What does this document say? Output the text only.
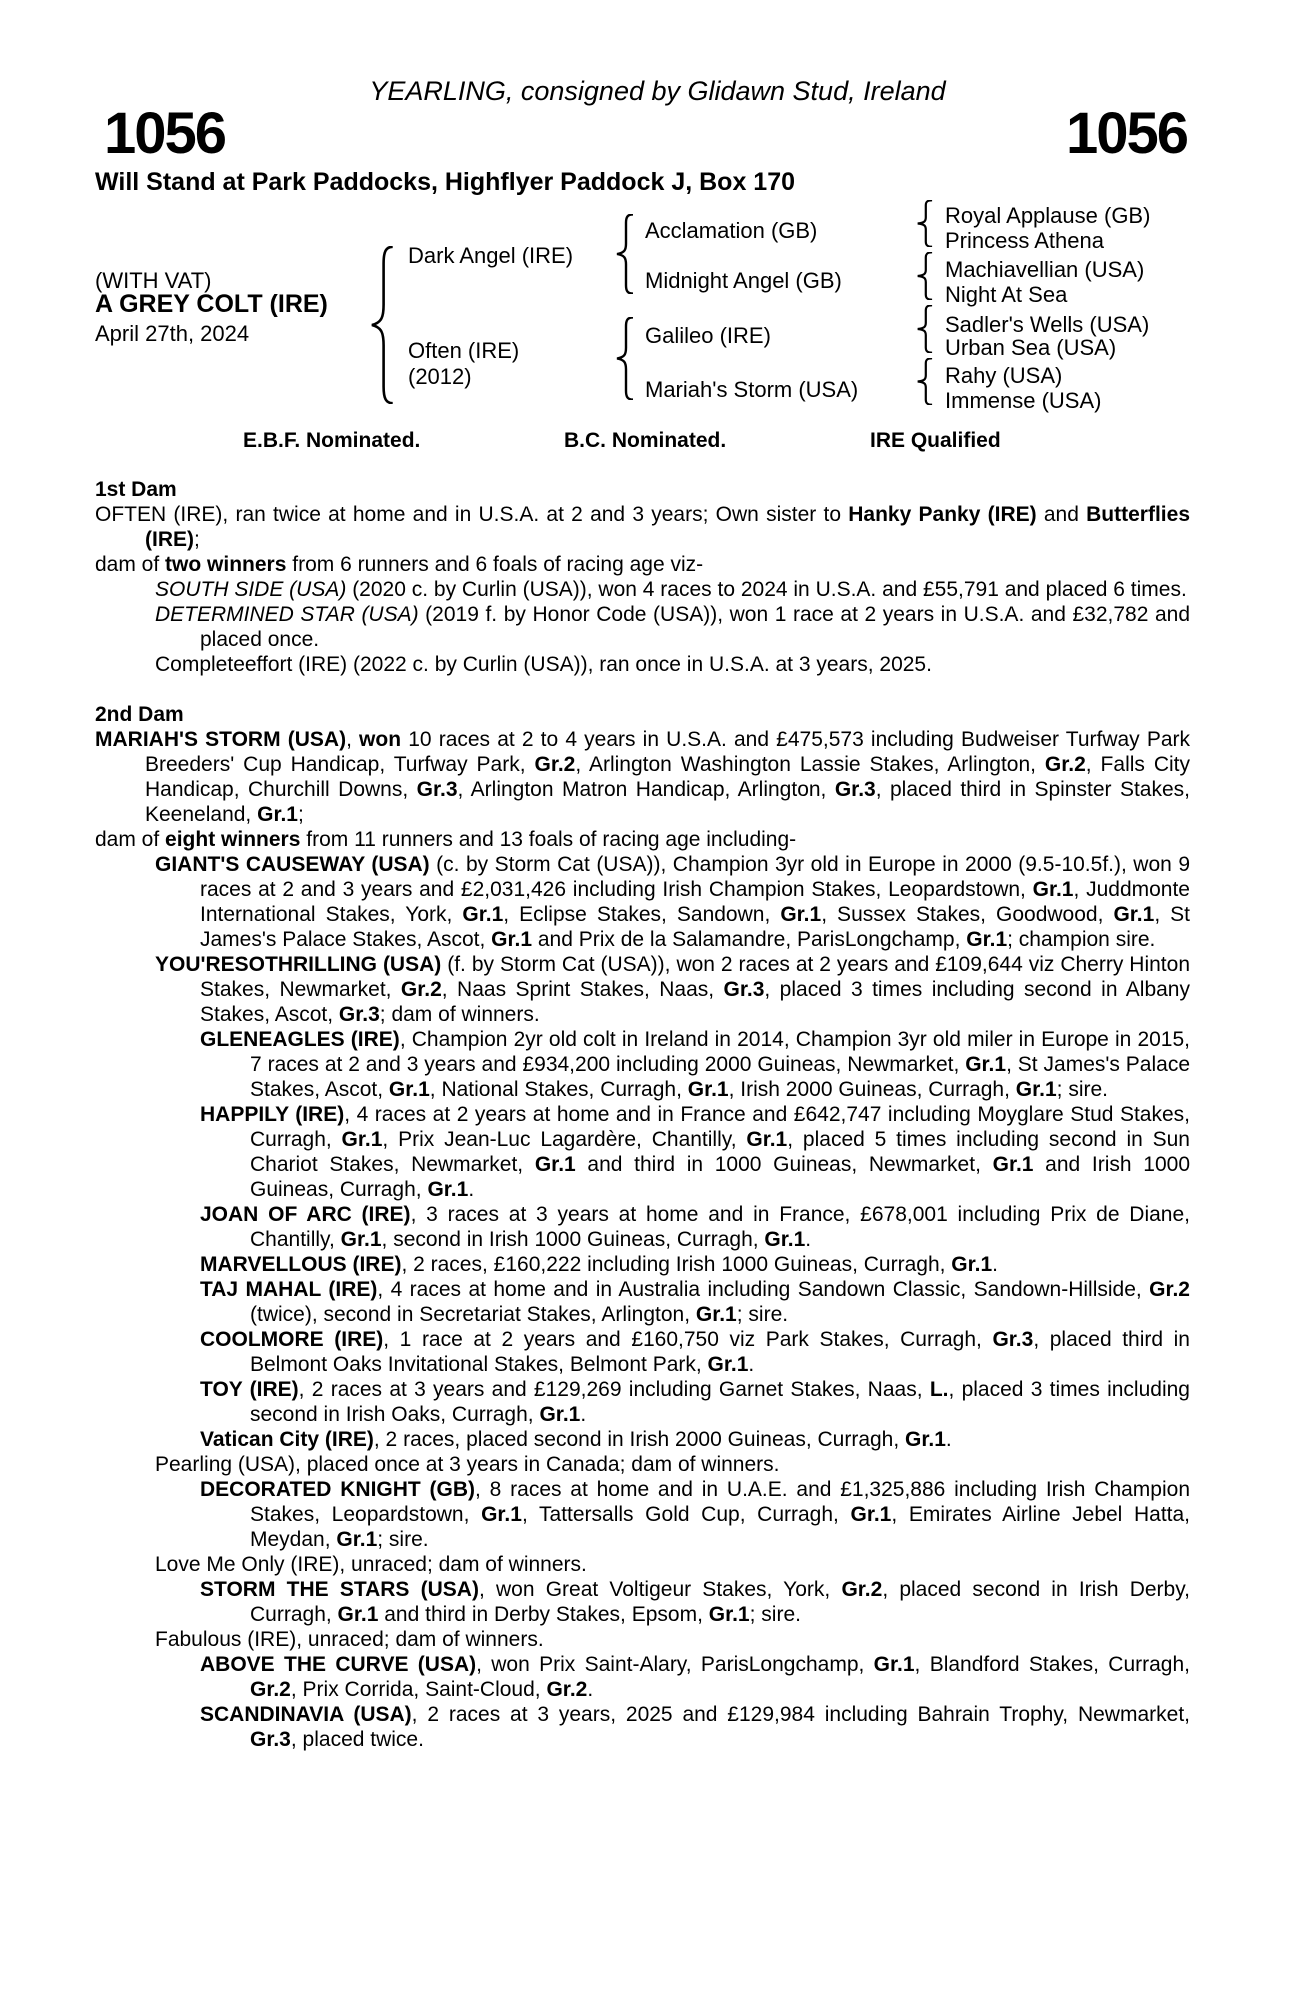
YEARLING, consigned by Glidawn Stud, Ireland
1056	1056
Will Stand at Park Paddocks, Highflyer Paddock J, Box 170
(WITH VAT)
A GREY COLT (IRE)
April 27th, 2024
Dark Angel (IRE)
Often (IRE)
(2012)
Acclamation (GB)
Midnight Angel (GB)
Galileo (IRE)
Mariah's Storm (USA)
Royal Applause (GB)
Princess Athena
Machiavellian (USA)
Night At Sea
Sadler's Wells (USA)
Urban Sea (USA)
Rahy (USA)
Immense (USA)
E.B.F. Nominated.	B.C. Nominated.	IRE Qualified

1st Dam

OFTEN (IRE), ran twice at home and in U.S.A. at 2 and 3 years; Own sister to Hanky Panky (IRE) and Butterflies (IRE);

dam of two winners from 6 runners and 6 foals of racing age viz-

SOUTH SIDE (USA) (2020 c. by Curlin (USA)), won 4 races to 2024 in U.S.A. and £55,791 and placed 6 times.

DETERMINED STAR (USA) (2019 f. by Honor Code (USA)), won 1 race at 2 years in U.S.A. and £32,782 and placed once.

Completeeffort (IRE) (2022 c. by Curlin (USA)), ran once in U.S.A. at 3 years, 2025.

2nd Dam

MARIAH'S STORM (USA), won 10 races at 2 to 4 years in U.S.A. and £475,573 including Budweiser Turfway Park Breeders' Cup Handicap, Turfway Park, Gr.2, Arlington Washington Lassie Stakes, Arlington, Gr.2, Falls City Handicap, Churchill Downs, Gr.3, Arlington Matron Handicap, Arlington, Gr.3, placed third in Spinster Stakes, Keeneland, Gr.1;

dam of eight winners from 11 runners and 13 foals of racing age including-

GIANT'S CAUSEWAY (USA) (c. by Storm Cat (USA)), Champion 3yr old in Europe in 2000 (9.5-10.5f.), won 9 races at 2 and 3 years and £2,031,426 including Irish Champion Stakes, Leopardstown, Gr.1, Juddmonte International Stakes, York, Gr.1, Eclipse Stakes, Sandown, Gr.1, Sussex Stakes, Goodwood, Gr.1, St James's Palace Stakes, Ascot, Gr.1 and Prix de la Salamandre, ParisLongchamp, Gr.1; champion sire.

YOU'RESOTHRILLING (USA) (f. by Storm Cat (USA)), won 2 races at 2 years and £109,644 viz Cherry Hinton Stakes, Newmarket, Gr.2, Naas Sprint Stakes, Naas, Gr.3, placed 3 times including second in Albany Stakes, Ascot, Gr.3; dam of winners.

GLENEAGLES (IRE), Champion 2yr old colt in Ireland in 2014, Champion 3yr old miler in Europe in 2015, 7 races at 2 and 3 years and £934,200 including 2000 Guineas, Newmarket, Gr.1, St James's Palace Stakes, Ascot, Gr.1, National Stakes, Curragh, Gr.1, Irish 2000 Guineas, Curragh, Gr.1; sire.

HAPPILY (IRE), 4 races at 2 years at home and in France and £642,747 including Moyglare Stud Stakes, Curragh, Gr.1, Prix Jean-Luc Lagardère, Chantilly, Gr.1, placed 5 times including second in Sun Chariot Stakes, Newmarket, Gr.1 and third in 1000 Guineas, Newmarket, Gr.1 and Irish 1000 Guineas, Curragh, Gr.1.

JOAN OF ARC (IRE), 3 races at 3 years at home and in France, £678,001 including Prix de Diane, Chantilly, Gr.1, second in Irish 1000 Guineas, Curragh, Gr.1.

MARVELLOUS (IRE), 2 races, £160,222 including Irish 1000 Guineas, Curragh, Gr.1.

TAJ MAHAL (IRE), 4 races at home and in Australia including Sandown Classic, Sandown-Hillside, Gr.2 (twice), second in Secretariat Stakes, Arlington, Gr.1; sire.

COOLMORE (IRE), 1 race at 2 years and £160,750 viz Park Stakes, Curragh, Gr.3, placed third in Belmont Oaks Invitational Stakes, Belmont Park, Gr.1.

TOY (IRE), 2 races at 3 years and £129,269 including Garnet Stakes, Naas, L., placed 3 times including second in Irish Oaks, Curragh, Gr.1.

Vatican City (IRE), 2 races, placed second in Irish 2000 Guineas, Curragh, Gr.1.

Pearling (USA), placed once at 3 years in Canada; dam of winners.

DECORATED KNIGHT (GB), 8 races at home and in U.A.E. and £1,325,886 including Irish Champion Stakes, Leopardstown, Gr.1, Tattersalls Gold Cup, Curragh, Gr.1, Emirates Airline Jebel Hatta, Meydan, Gr.1; sire.

Love Me Only (IRE), unraced; dam of winners.

STORM THE STARS (USA), won Great Voltigeur Stakes, York, Gr.2, placed second in Irish Derby, Curragh, Gr.1 and third in Derby Stakes, Epsom, Gr.1; sire.

Fabulous (IRE), unraced; dam of winners.

ABOVE THE CURVE (USA), won Prix Saint-Alary, ParisLongchamp, Gr.1, Blandford Stakes, Curragh, Gr.2, Prix Corrida, Saint-Cloud, Gr.2.

SCANDINAVIA (USA), 2 races at 3 years, 2025 and £129,984 including Bahrain Trophy, Newmarket, Gr.3, placed twice.
